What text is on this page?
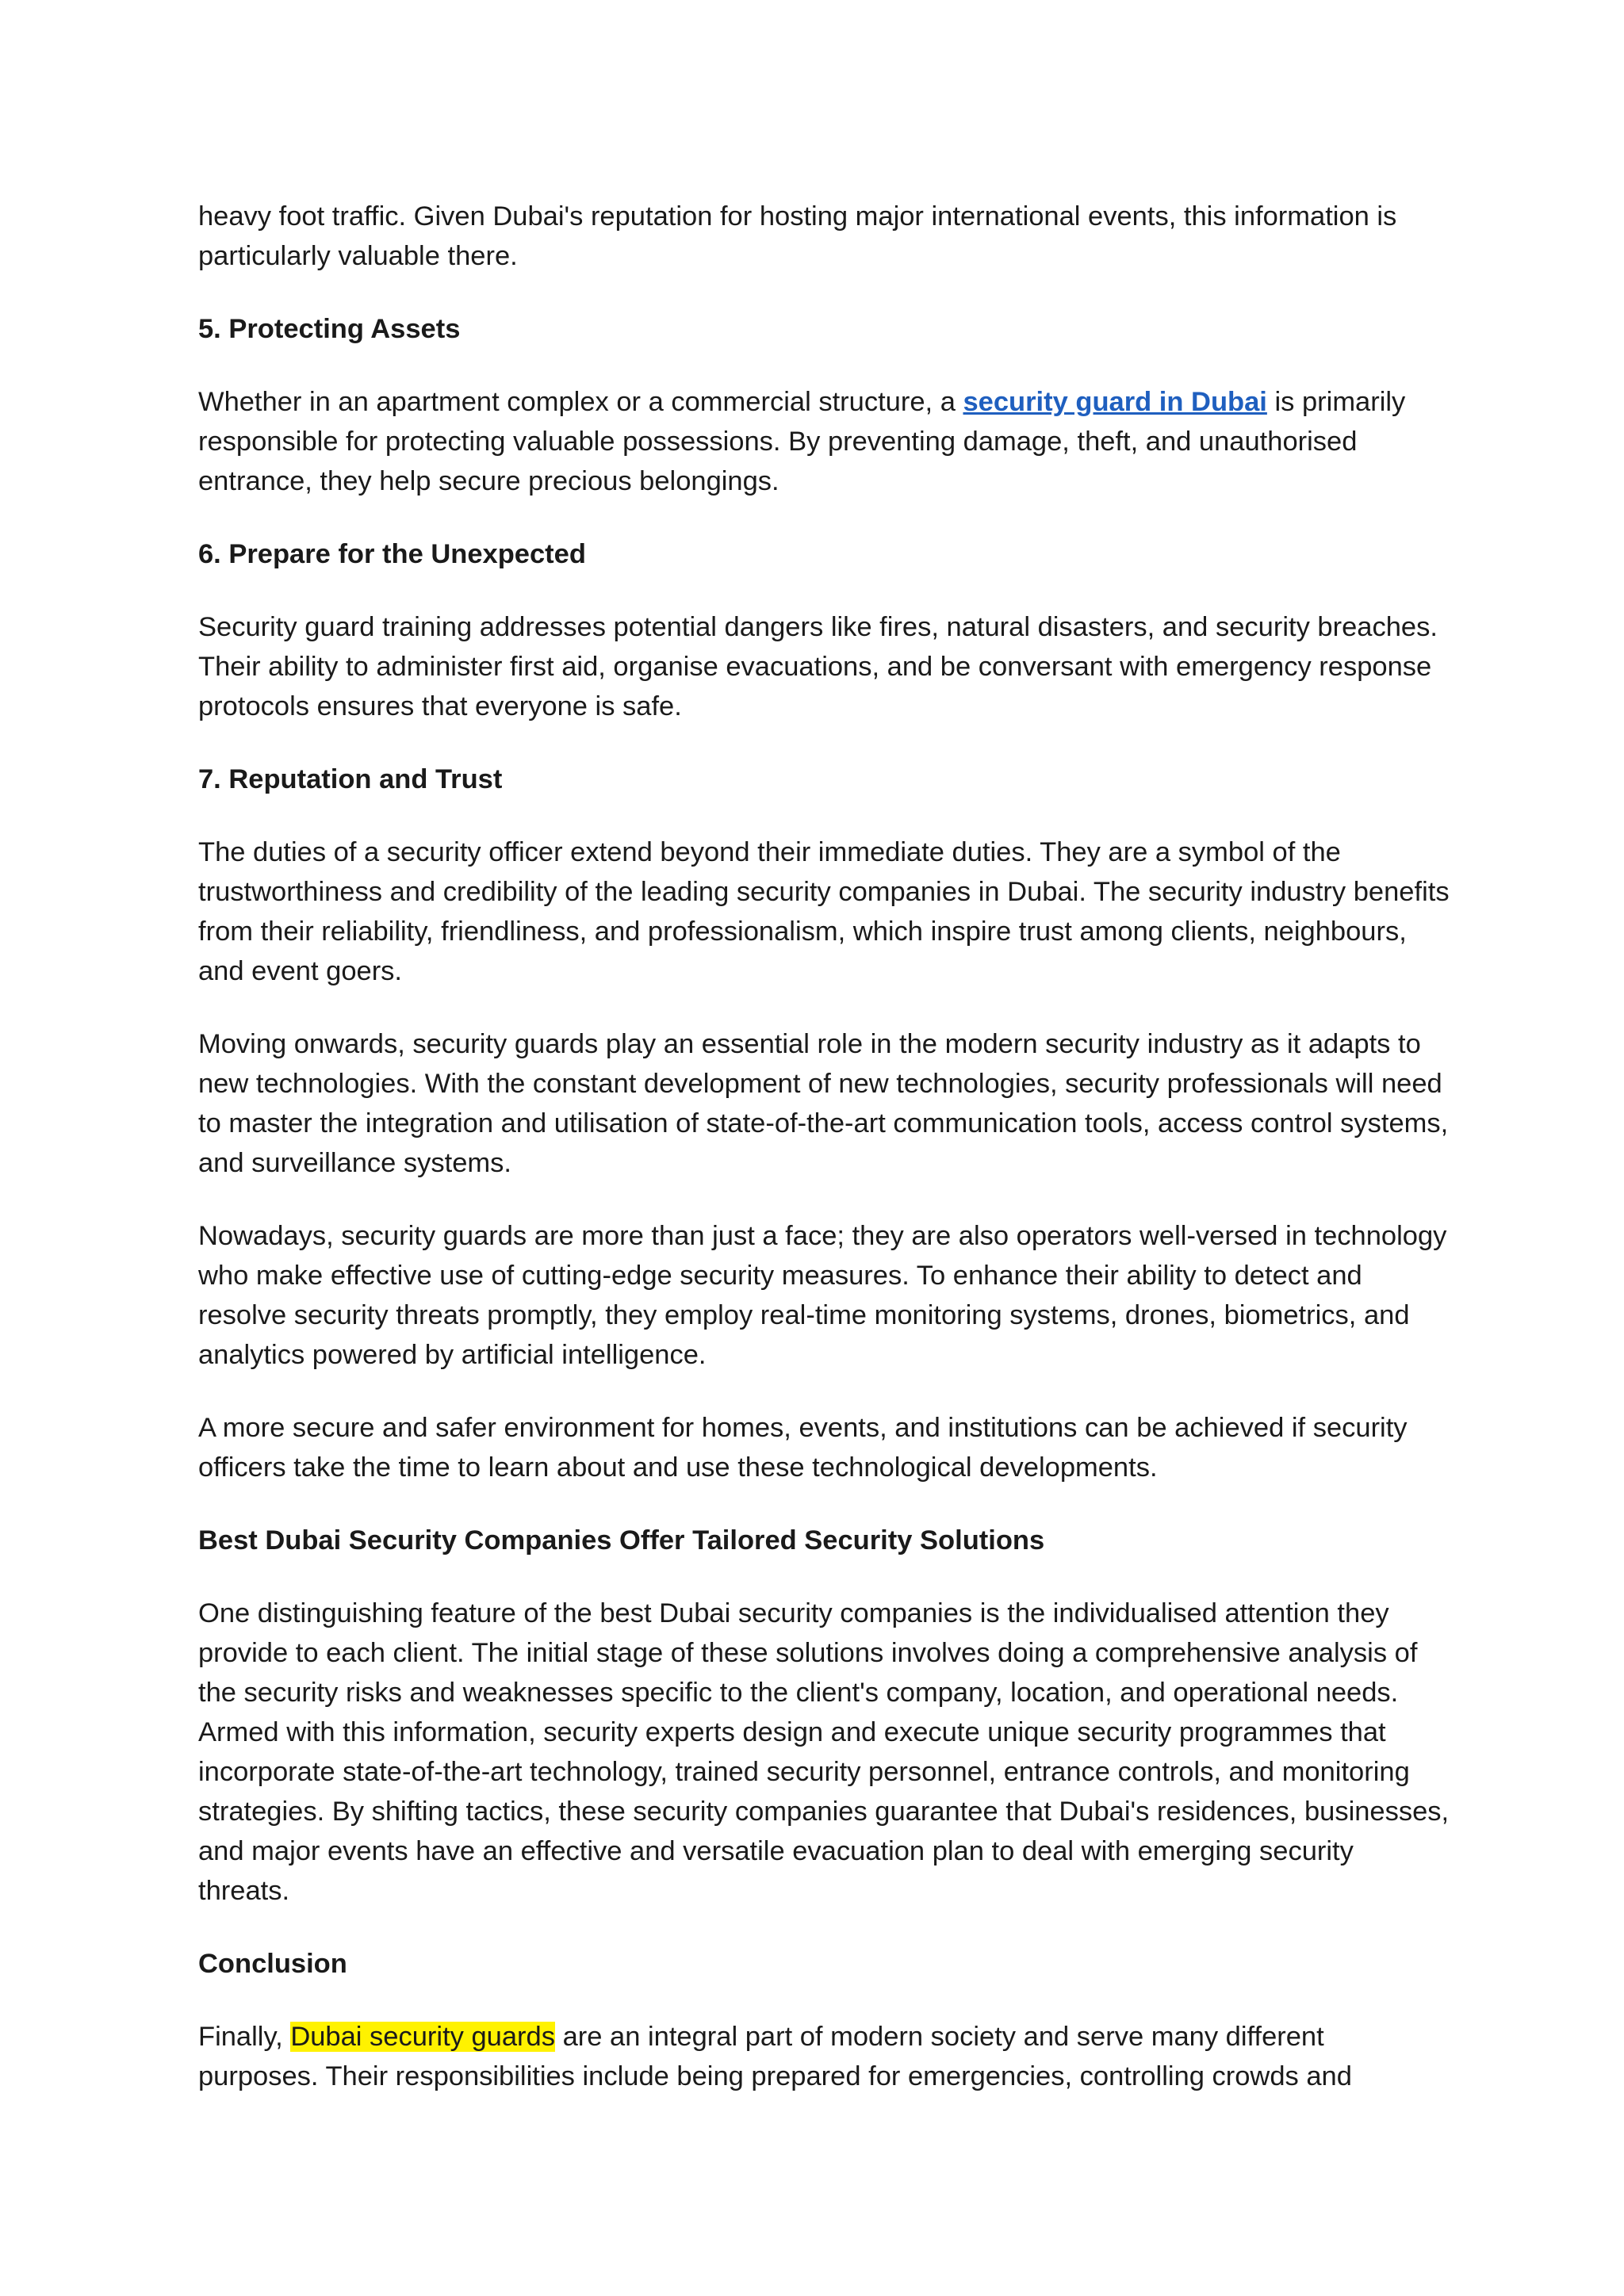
heavy foot traffic. Given Dubai's reputation for hosting major international events, this information is particularly valuable there.

5. Protecting Assets

Whether in an apartment complex or a commercial structure, a security guard in Dubai is primarily responsible for protecting valuable possessions. By preventing damage, theft, and unauthorised entrance, they help secure precious belongings.

6. Prepare for the Unexpected

Security guard training addresses potential dangers like fires, natural disasters, and security breaches. Their ability to administer first aid, organise evacuations, and be conversant with emergency response protocols ensures that everyone is safe.

7. Reputation and Trust

The duties of a security officer extend beyond their immediate duties. They are a symbol of the trustworthiness and credibility of the leading security companies in Dubai. The security industry benefits from their reliability, friendliness, and professionalism, which inspire trust among clients, neighbours, and event goers.

Moving onwards, security guards play an essential role in the modern security industry as it adapts to new technologies. With the constant development of new technologies, security professionals will need to master the integration and utilisation of state-of-the-art communication tools, access control systems, and surveillance systems.

Nowadays, security guards are more than just a face; they are also operators well-versed in technology who make effective use of cutting-edge security measures. To enhance their ability to detect and resolve security threats promptly, they employ real-time monitoring systems, drones, biometrics, and analytics powered by artificial intelligence.

A more secure and safer environment for homes, events, and institutions can be achieved if security officers take the time to learn about and use these technological developments.

Best Dubai Security Companies Offer Tailored Security Solutions

One distinguishing feature of the best Dubai security companies is the individualised attention they provide to each client. The initial stage of these solutions involves doing a comprehensive analysis of the security risks and weaknesses specific to the client's company, location, and operational needs. Armed with this information, security experts design and execute unique security programmes that incorporate state-of-the-art technology, trained security personnel, entrance controls, and monitoring strategies. By shifting tactics, these security companies guarantee that Dubai's residences, businesses, and major events have an effective and versatile evacuation plan to deal with emerging security threats.

Conclusion

Finally, Dubai security guards are an integral part of modern society and serve many different purposes. Their responsibilities include being prepared for emergencies, controlling crowds and
